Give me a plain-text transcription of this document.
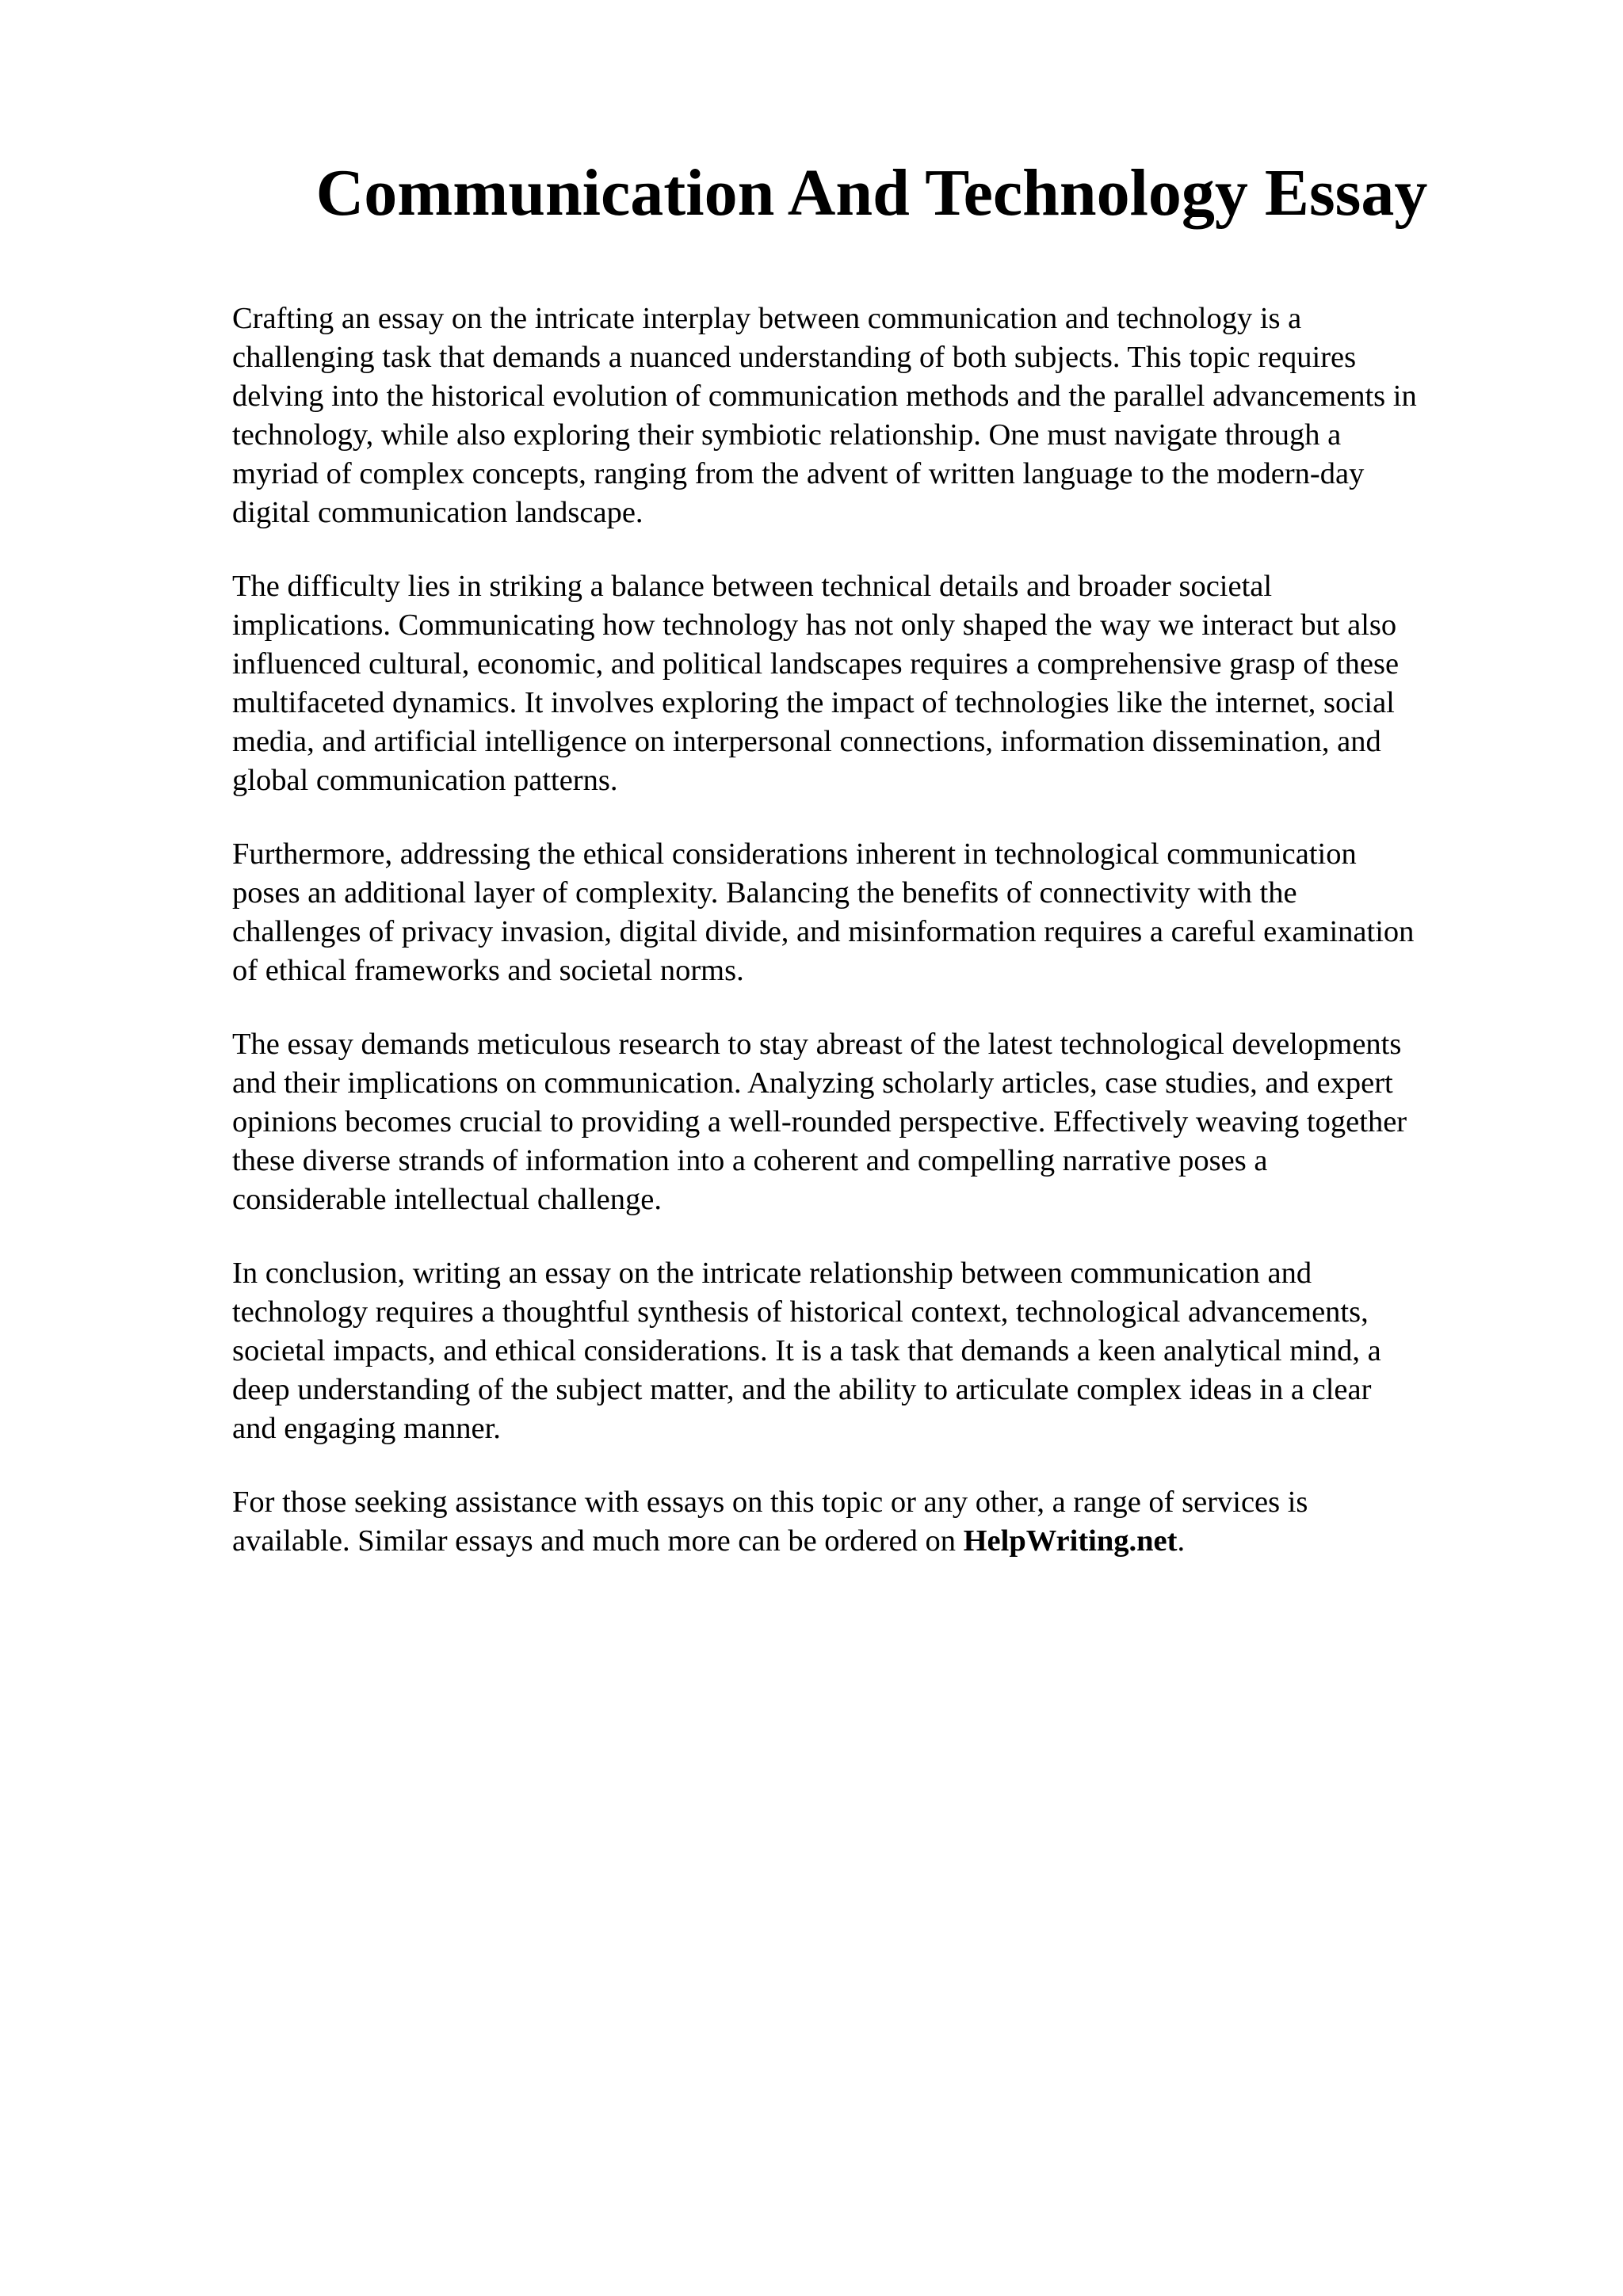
Communication And Technology Essay

Crafting an essay on the intricate interplay between communication and technology is a
challenging task that demands a nuanced understanding of both subjects. This topic requires
delving into the historical evolution of communication methods and the parallel advancements in
technology, while also exploring their symbiotic relationship. One must navigate through a
myriad of complex concepts, ranging from the advent of written language to the modern-day
digital communication landscape.

The difficulty lies in striking a balance between technical details and broader societal
implications. Communicating how technology has not only shaped the way we interact but also
influenced cultural, economic, and political landscapes requires a comprehensive grasp of these
multifaceted dynamics. It involves exploring the impact of technologies like the internet, social
media, and artificial intelligence on interpersonal connections, information dissemination, and
global communication patterns.

Furthermore, addressing the ethical considerations inherent in technological communication
poses an additional layer of complexity. Balancing the benefits of connectivity with the
challenges of privacy invasion, digital divide, and misinformation requires a careful examination
of ethical frameworks and societal norms.

The essay demands meticulous research to stay abreast of the latest technological developments
and their implications on communication. Analyzing scholarly articles, case studies, and expert
opinions becomes crucial to providing a well-rounded perspective. Effectively weaving together
these diverse strands of information into a coherent and compelling narrative poses a
considerable intellectual challenge.

In conclusion, writing an essay on the intricate relationship between communication and
technology requires a thoughtful synthesis of historical context, technological advancements,
societal impacts, and ethical considerations. It is a task that demands a keen analytical mind, a
deep understanding of the subject matter, and the ability to articulate complex ideas in a clear
and engaging manner.

For those seeking assistance with essays on this topic or any other, a range of services is
available. Similar essays and much more can be ordered on HelpWriting.net.
